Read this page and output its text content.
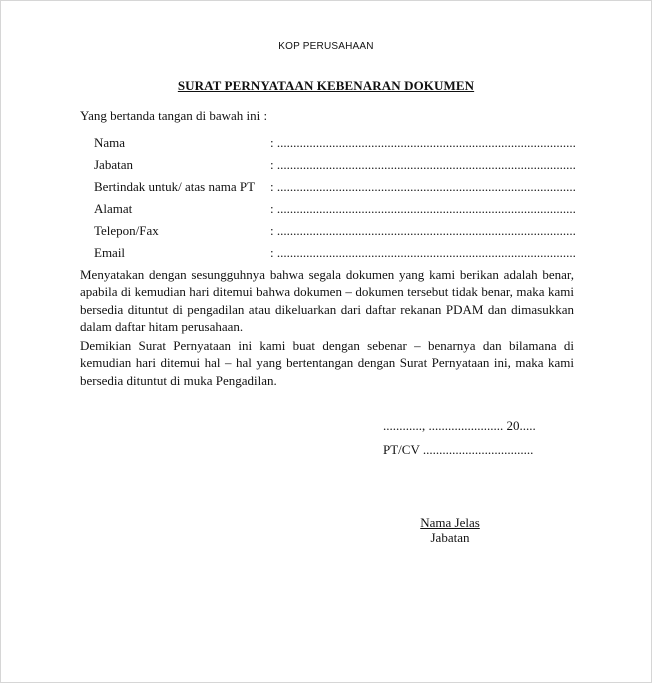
KOP PERUSAHAAN
SURAT PERNYATAAN KEBENARAN DOKUMEN
Yang bertanda tangan di bawah ini :
Nama	: ............................................................................................
Jabatan	: ............................................................................................
Bertindak untuk/ atas nama PT : ............................................................................................
Alamat	: ............................................................................................
Telepon/Fax	: ............................................................................................
Email	: ............................................................................................
Menyatakan dengan sesungguhnya bahwa segala dokumen yang kami berikan adalah benar, apabila di kemudian hari ditemui bahwa dokumen – dokumen tersebut tidak benar, maka kami bersedia dituntut di pengadilan atau dikeluarkan dari daftar rekanan PDAM dan dimasukkan dalam daftar hitam perusahaan.
Demikian Surat Pernyataan ini kami buat dengan sebenar – benarnya dan bilamana di kemudian hari ditemui hal – hal yang bertentangan dengan Surat Pernyataan ini, maka kami bersedia dituntut di muka Pengadilan.
............, ....................... 20.....
PT/CV ..................................
Nama Jelas
Jabatan
